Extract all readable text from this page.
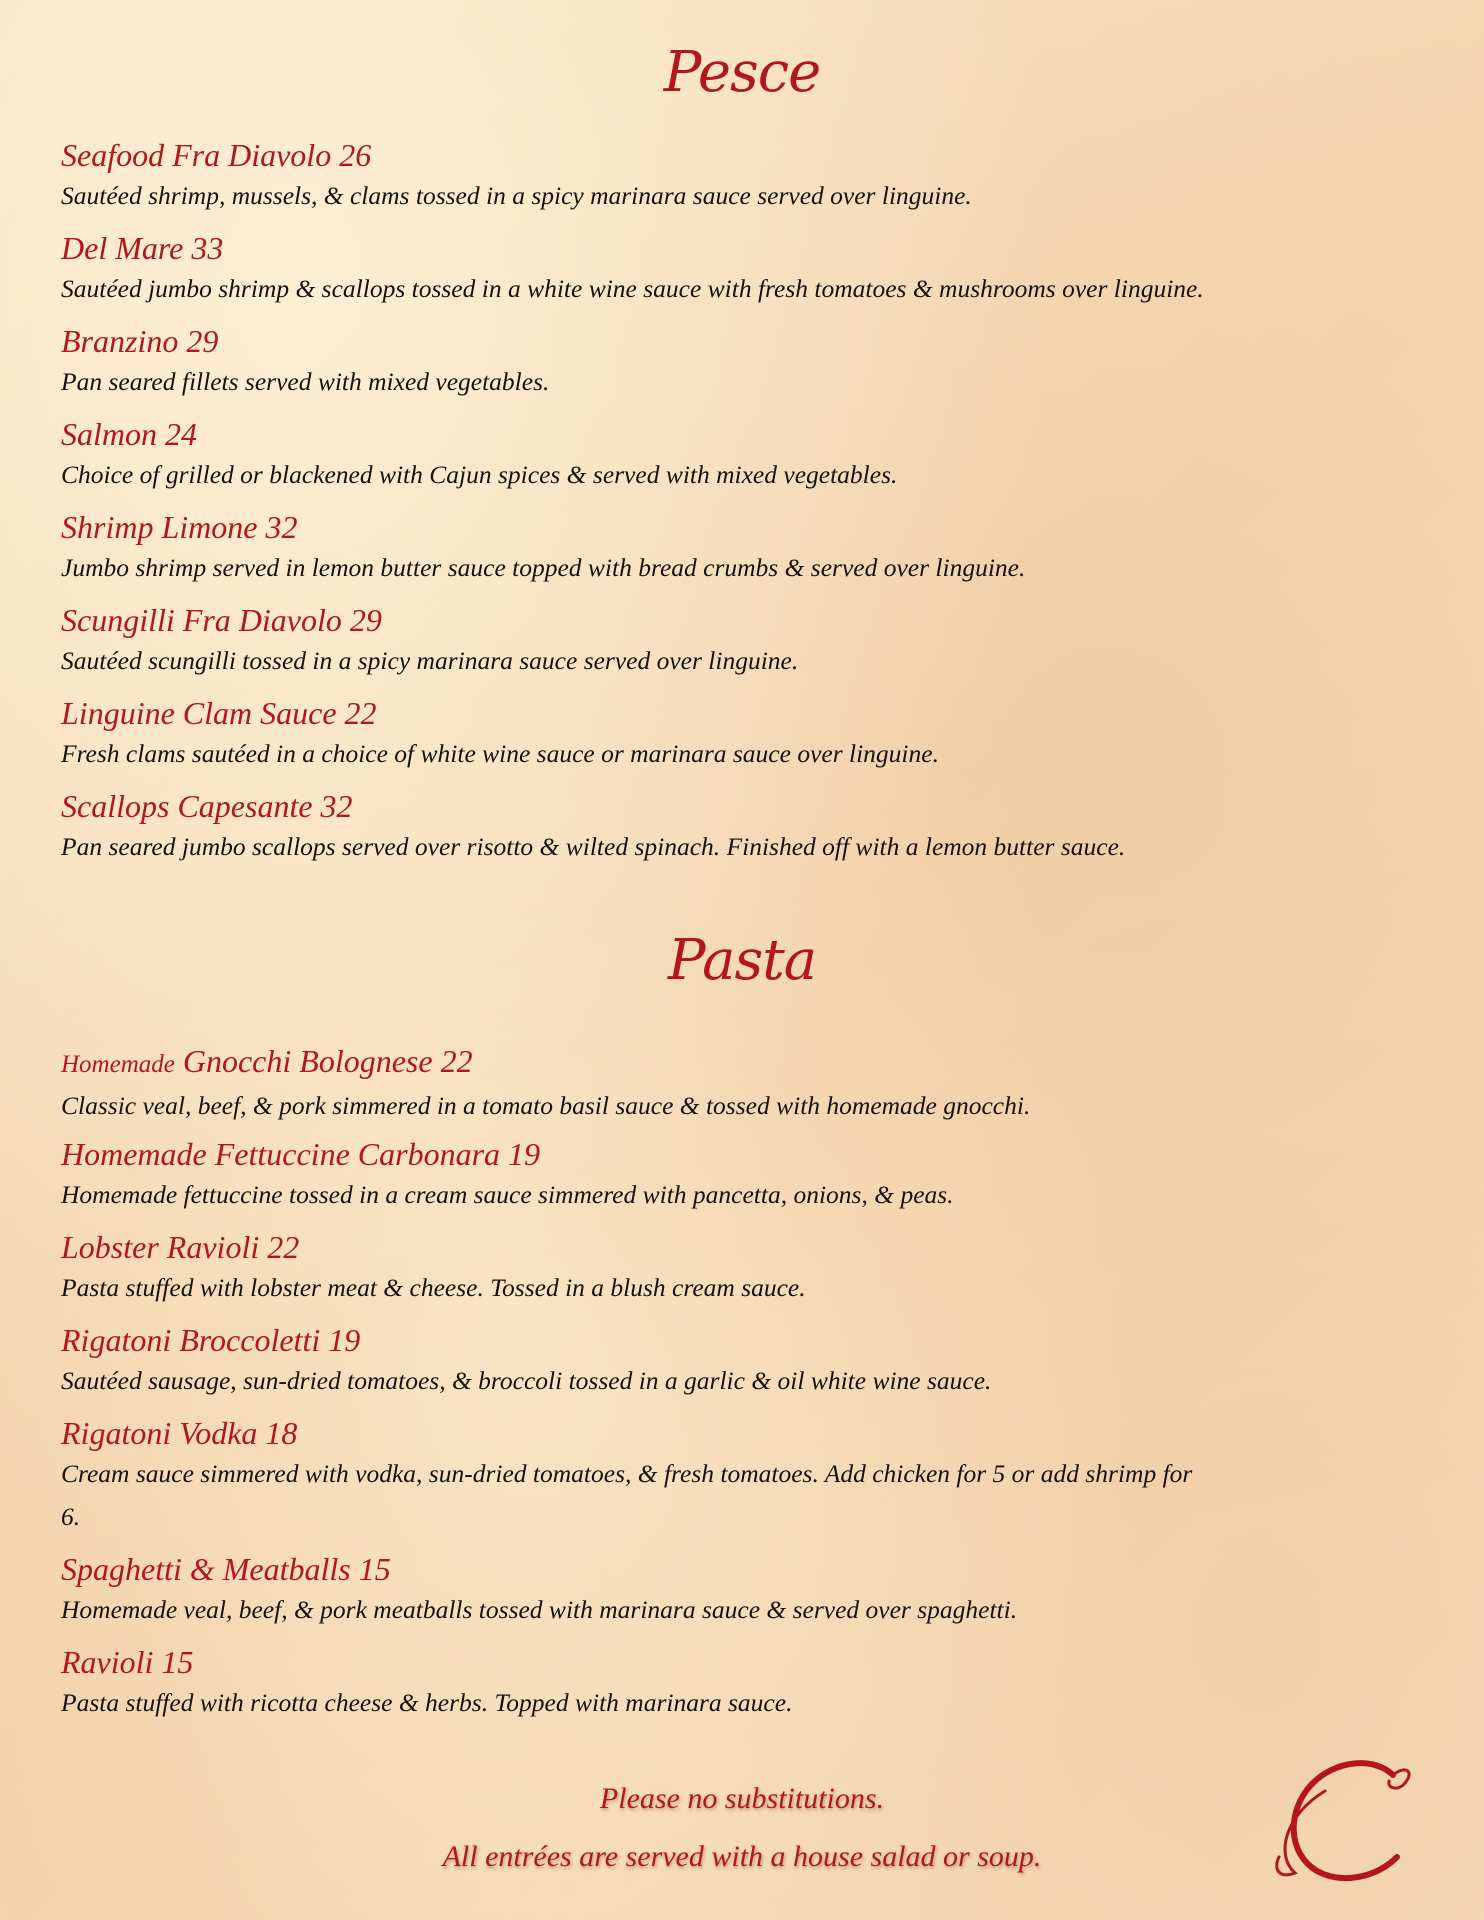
Pesce
Seafood Fra Diavolo 26
Sautéed shrimp, mussels, & clams tossed in a spicy marinara sauce served over linguine.
Del Mare 33
Sautéed jumbo shrimp & scallops tossed in a white wine sauce with fresh tomatoes & mushrooms over linguine.
Branzino 29
Pan seared fillets served with mixed vegetables.
Salmon 24
Choice of grilled or blackened with Cajun spices & served with mixed vegetables.
Shrimp Limone 32
Jumbo shrimp served in lemon butter sauce topped with bread crumbs & served over linguine.
Scungilli Fra Diavolo 29
Sautéed scungilli tossed in a spicy marinara sauce served over linguine.
Linguine Clam Sauce 22
Fresh clams sautéed in a choice of white wine sauce or marinara sauce over linguine.
Scallops Capesante 32
Pan seared jumbo scallops served over risotto & wilted spinach. Finished off with a lemon butter sauce.
Pasta
Homemade Gnocchi Bolognese 22
Classic veal, beef, & pork simmered in a tomato basil sauce & tossed with homemade gnocchi.
Homemade Fettuccine Carbonara 19
Homemade fettuccine tossed in a cream sauce simmered with pancetta, onions, & peas.
Lobster Ravioli 22
Pasta stuffed with lobster meat & cheese. Tossed in a blush cream sauce.
Rigatoni Broccoletti 19
Sautéed sausage, sun-dried tomatoes, & broccoli tossed in a garlic & oil white wine sauce.
Rigatoni Vodka 18
Cream sauce simmered with vodka, sun-dried tomatoes, & fresh tomatoes. Add chicken for 5 or add shrimp for 6.
Spaghetti & Meatballs 15
Homemade veal, beef, & pork meatballs tossed with marinara sauce & served over spaghetti.
Ravioli 15
Pasta stuffed with ricotta cheese & herbs. Topped with marinara sauce.
Please no substitutions.
All entrées are served with a house salad or soup.
